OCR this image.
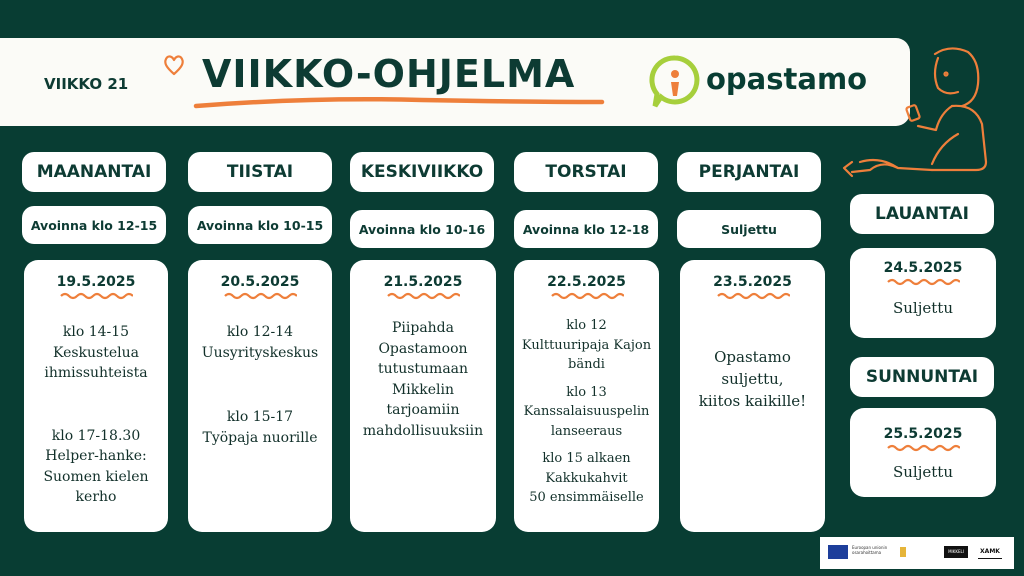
VIIKKO 21 VIIKKO-OHJELMA	opastamo
MAANANTAI	TIISTAI	KESKIVIIKKO	TORSTAI	PERJANTAI
Avoinna klo 12-15	Avoinna klo 10-15	Avoinna klo 10-16	Avoinna klo 12-18	Suljettu
19.5.2025
klo 14-15
Keskustelua
ihmissuhteista
klo 17-18.30
Helper-hanke:
Suomen kielen
kerho
20.5.2025
klo 12-14
Uusyrityskeskus
klo 15-17
Työpaja nuorille
21.5.2025
Piipahda
Opastamoon
tutustumaan
Mikkelin
tarjoamiin
mahdollisuuksiin
22.5.2025
klo 12
Kulttuuripaja Kajon
bändi
klo 13
Kanssalaisuuspelin
lanseeraus
klo 15 alkaen
Kakkukahvit
50 ensimmäiselle
23.5.2025
Opastamo
suljettu,
kiitos kaikille!
LAUANTAI
24.5.2025
Suljettu
SUNNUNTAI
25.5.2025
Suljettu
Euroopan unionin osarahoittama	MIKKELI	XAMK
